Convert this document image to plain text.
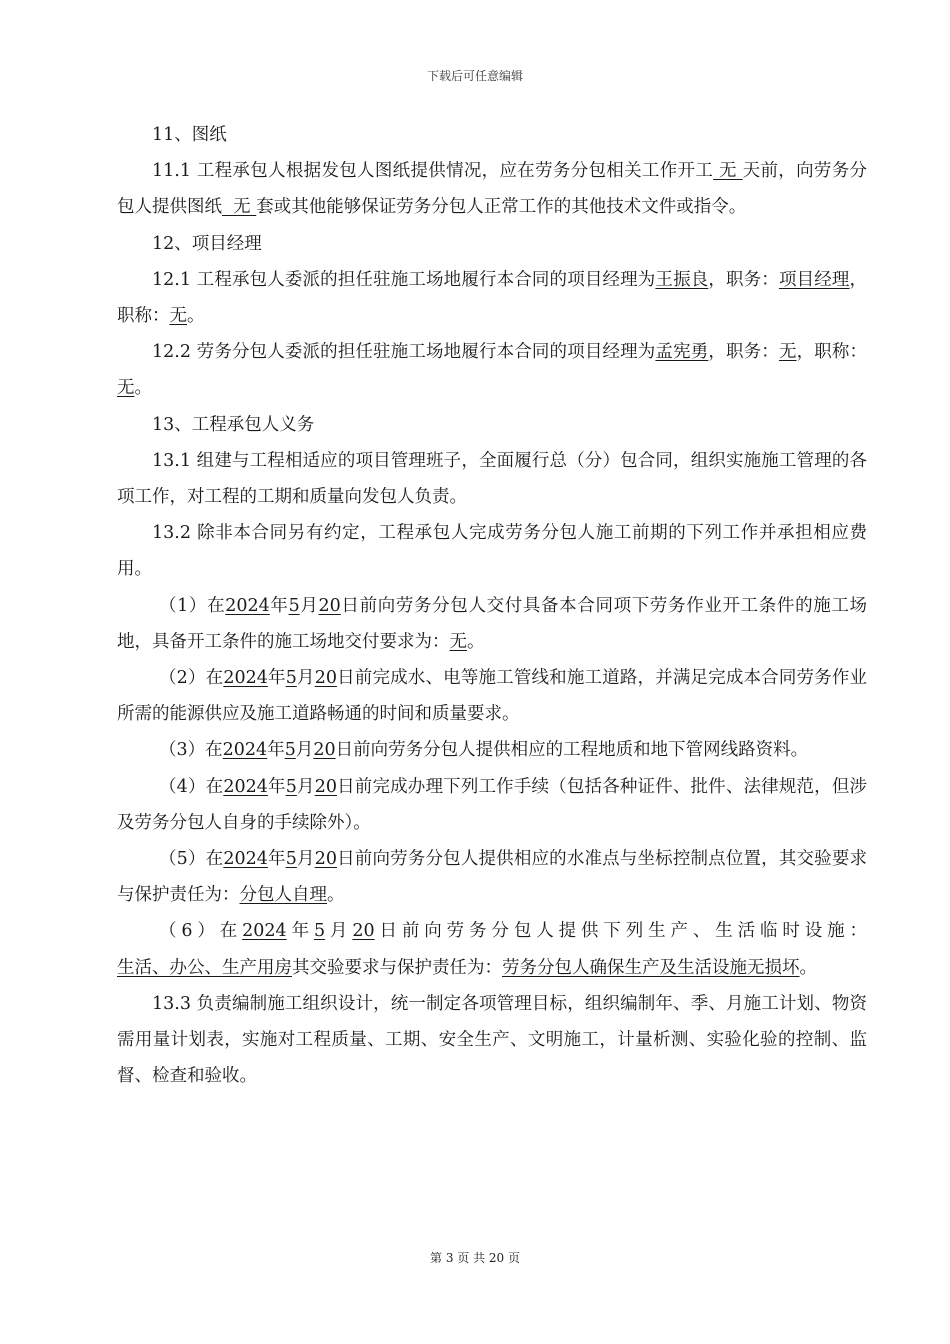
下载后可任意编辑

11、图纸

11.1 工程承包人根据发包人图纸提供情况，应在劳务分包相关工作开工 无 天前，向劳务分包人提供图纸  无 套或其他能够保证劳务分包人正常工作的其他技术文件或指令。

12、项目经理

12.1 工程承包人委派的担任驻施工场地履行本合同的项目经理为王振良，职务：项目经理，职称：无。

12.2 劳务分包人委派的担任驻施工场地履行本合同的项目经理为孟宪勇，职务：无，职称：无。

13、工程承包人义务

13.1 组建与工程相适应的项目管理班子，全面履行总（分）包合同，组织实施施工管理的各项工作，对工程的工期和质量向发包人负责。

13.2 除非本合同另有约定，工程承包人完成劳务分包人施工前期的下列工作并承担相应费用。

（1）在2024年5月20日前向劳务分包人交付具备本合同项下劳务作业开工条件的施工场地，具备开工条件的施工场地交付要求为：无。

（2）在2024年5月20日前完成水、电等施工管线和施工道路，并满足完成本合同劳务作业所需的能源供应及施工道路畅通的时间和质量要求。

（3）在2024年5月20日前向劳务分包人提供相应的工程地质和地下管网线路资料。

（4）在2024年5月20日前完成办理下列工作手续（包括各种证件、批件、法律规范，但涉及劳务分包人自身的手续除外）。

（5）在2024年5月20日前向劳务分包人提供相应的水准点与坐标控制点位置，其交验要求与保护责任为：分包人自理。

（6）在2024年5月20日前向劳务分包人提供下列生产、生活临时设施：生活、办公、生产用房其交验要求与保护责任为：劳务分包人确保生产及生活设施无损坏。

13.3 负责编制施工组织设计，统一制定各项管理目标，组织编制年、季、月施工计划、物资需用量计划表，实施对工程质量、工期、安全生产、文明施工，计量析测、实验化验的控制、监督、检查和验收。

第 3 页 共 20 页
